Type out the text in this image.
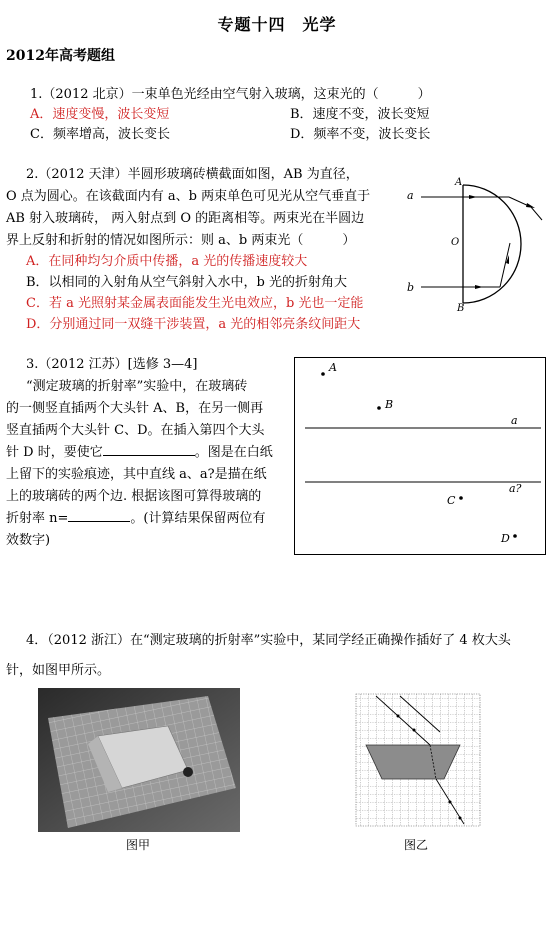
专题十四　光学
2012年高考题组
1.（2012 北京）一束单色光经由空气射入玻璃，这束光的（　　　）
A．速度变慢，波长变短	B．速度不变，波长变短
C．频率增高，波长变长	D．频率不变，波长变长
2.（2012 天津）半圆形玻璃砖横截面如图，AB 为直径，
O 点为圆心。在该截面内有 a、b 两束单色可见光从空气垂直于
AB 射入玻璃砖， 两入射点到 O 的距离相等。两束光在半圆边
界上反射和折射的情况如图所示：则 a、b 两束光（　　　）
A．在同种均匀介质中传播，a 光的传播速度较大
B．以相同的入射角从空气斜射入水中，b 光的折射角大
C．若 a 光照射某金属表面能发生光电效应，b 光也一定能
D．分别通过同一双缝干涉装置，a 光的相邻亮条纹间距大
a
b
A
B
O
3.（2012 江苏）[选修 3—4]
“测定玻璃的折射率”实验中，在玻璃砖
的一侧竖直插两个大头针 A、B，在另一侧再
竖直插两个大头针 C、D。在插入第四个大头
针 D 时，要使它	。图是在白纸
上留下的实验痕迹，其中直线 a、a?是描在纸
上的玻璃砖的两个边. 根据该图可算得玻璃的
折射率 n=	。(计算结果保留两位有
效数字)
A
B
a
a?
C
D
4．（2012 浙江）在“测定玻璃的折射率”实验中，某同学经正确操作插好了 4 枚大头
针，如图甲所示。
图甲	图乙
